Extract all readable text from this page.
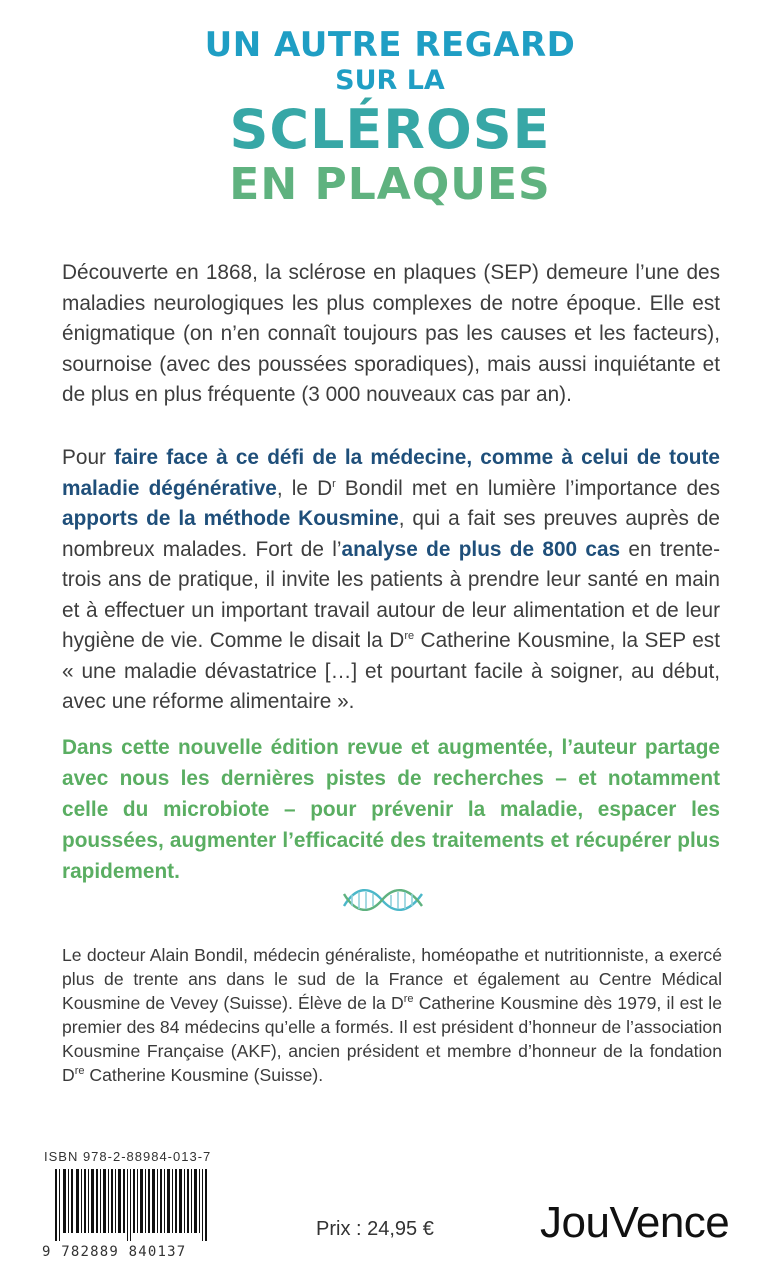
UN AUTRE REGARD
SUR LA
SCLÉROSE
EN PLAQUES
Découverte en 1868, la sclérose en plaques (SEP) demeure l’une des maladies neurologiques les plus complexes de notre époque. Elle est énigmatique (on n’en connaît toujours pas les causes et les facteurs), sournoise (avec des poussées sporadiques), mais aussi inquiétante et de plus en plus fréquente (3 000 nouveaux cas par an).
Pour faire face à ce défi de la médecine, comme à celui de toute maladie dégénérative, le $D^r$ Bondil met en lumière l’importance des apports de la méthode Kousmine, qui a fait ses preuves auprès de nombreux malades. Fort de l’analyse de plus de 800 cas en trente-trois ans de pratique, il invite les patients à prendre leur santé en main et à effectuer un important travail autour de leur alimentation et de leur hygiène de vie. Comme le disait la Dre Catherine Kousmine, la SEP est « une maladie dévastatrice […] et pourtant facile à soigner, au début, avec une réforme alimentaire ».
Dans cette nouvelle édition revue et augmentée, l’auteur partage avec nous les dernières pistes de recherches – et notamment celle du microbiote – pour prévenir la maladie, espacer les poussées, augmenter l’efficacité des traitements et récupérer plus rapidement.
Le docteur Alain Bondil, médecin généraliste, homéopathe et nutritionniste, a exercé plus de trente ans dans le sud de la France et également au Centre Médical Kousmine de Vevey (Suisse). Élève de la Dre Catherine Kousmine dès 1979, il est le premier des 84 médecins qu’elle a formés. Il est président d’honneur de l’association Kousmine Française (AKF), ancien président et membre d’honneur de la fondation Dre Catherine Kousmine (Suisse).
ISBN 978-2-88984-013-7
9 782889 840137
Prix : 24,95 € JouVence
